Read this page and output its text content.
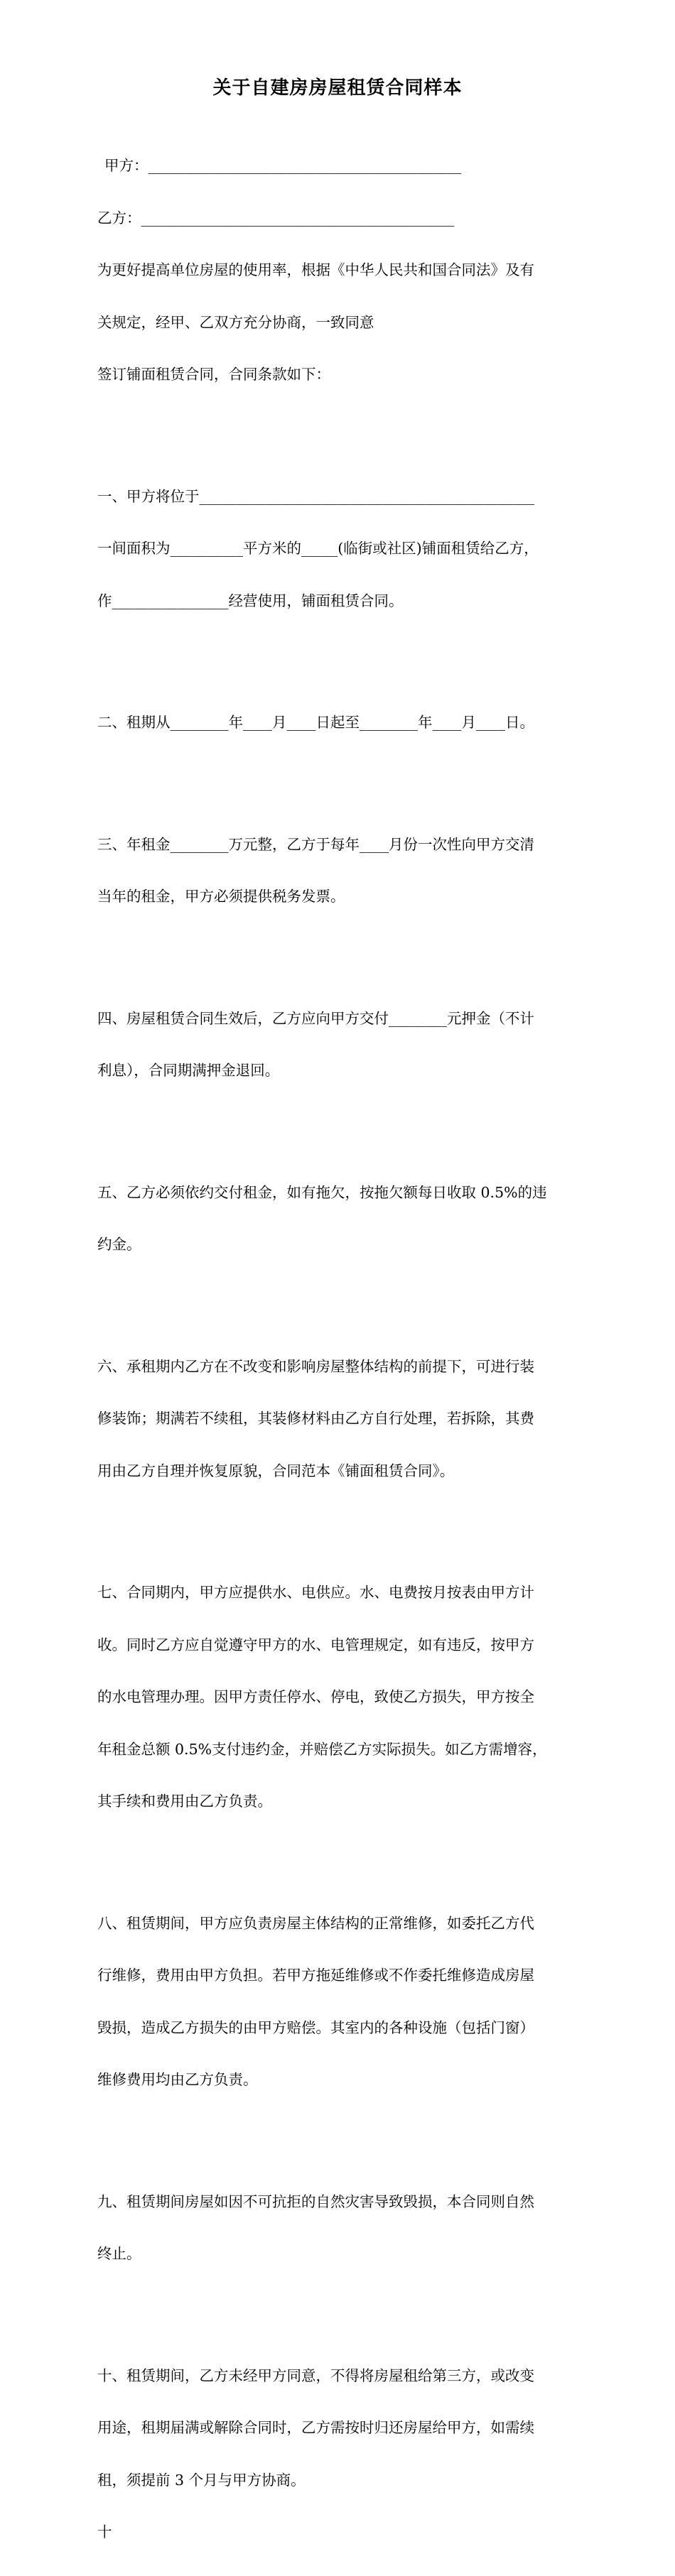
关于自建房房屋租赁合同样本

甲方：___________________________________________

乙方：___________________________________________

为更好提高单位房屋的使用率，根据《中华人民共和国合同法》及有

关规定，经甲、乙双方充分协商，一致同意

签订铺面租赁合同，合同条款如下：

一、甲方将位于______________________________________________

一间面积为__________平方米的_____(临街或社区)铺面租赁给乙方，

作________________经营使用，铺面租赁合同。

二、租期从________年____月____日起至________年____月____日。

三、年租金________万元整，乙方于每年____月份一次性向甲方交清

当年的租金，甲方必须提供税务发票。

四、房屋租赁合同生效后，乙方应向甲方交付________元押金（不计

利息），合同期满押金退回。

五、乙方必须依约交付租金，如有拖欠，按拖欠额每日收取 0.5%的违

约金。

六、承租期内乙方在不改变和影响房屋整体结构的前提下，可进行装

修装饰；期满若不续租，其装修材料由乙方自行处理，若拆除，其费

用由乙方自理并恢复原貌，合同范本《铺面租赁合同》。

七、合同期内，甲方应提供水、电供应。水、电费按月按表由甲方计

收。同时乙方应自觉遵守甲方的水、电管理规定，如有违反，按甲方

的水电管理办理。因甲方责任停水、停电，致使乙方损失，甲方按全

年租金总额 0.5%支付违约金，并赔偿乙方实际损失。如乙方需增容，

其手续和费用由乙方负责。

八、租赁期间，甲方应负责房屋主体结构的正常维修，如委托乙方代

行维修，费用由甲方负担。若甲方拖延维修或不作委托维修造成房屋

毁损，造成乙方损失的由甲方赔偿。其室内的各种设施（包括门窗）

维修费用均由乙方负责。

九、租赁期间房屋如因不可抗拒的自然灾害导致毁损，本合同则自然

终止。

十、租赁期间，乙方未经甲方同意，不得将房屋租给第三方，或改变

用途，租期届满或解除合同时，乙方需按时归还房屋给甲方，如需续

租，须提前 3 个月与甲方协商。

十
